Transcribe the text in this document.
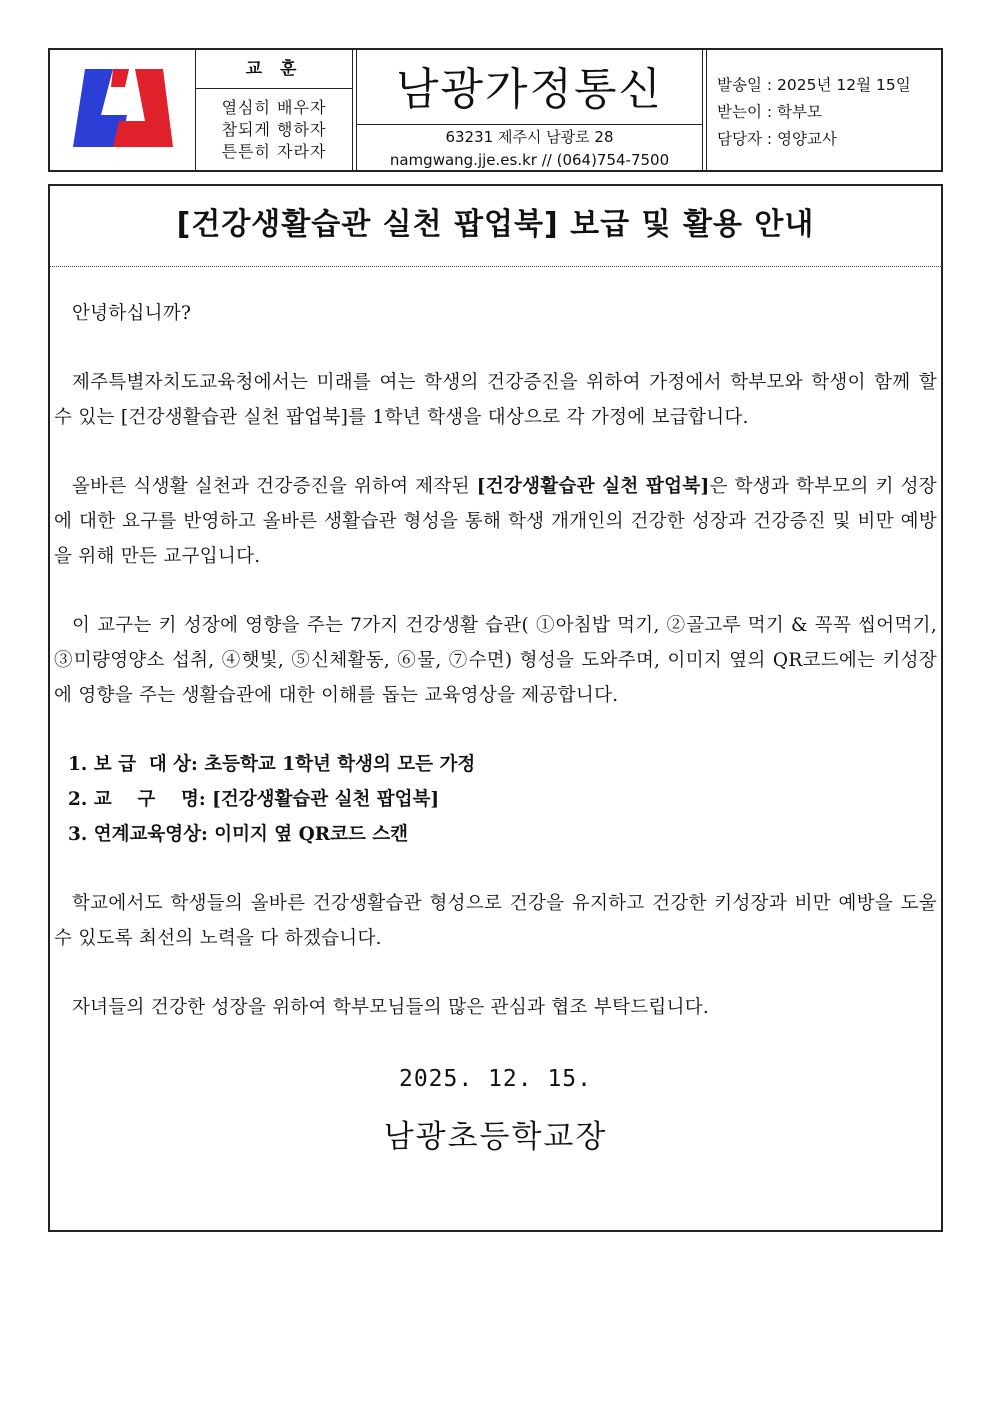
교 훈
열심히 배우자
참되게 행하자
튼튼히 자라자
남광가정통신
63231 제주시 남광로 28
namgwang.jje.es.kr // (064)754-7500
발송일 : 2025년 12월 15일
받는이 : 학부모
담당자 : 영양교사
[건강생활습관 실천 팝업북] 보급 및 활용 안내

안녕하십니까?

제주특별자치도교육청에서는 미래를 여는 학생의 건강증진을 위하여 가정에서 학부모와 학생이 함께 할 수 있는 [건강생활습관 실천 팝업북]를 1학년 학생을 대상으로 각 가정에 보급합니다.

올바른 식생활 실천과 건강증진을 위하여 제작된 [건강생활습관 실천 팝업북]은 학생과 학부모의 키 성장에 대한 요구를 반영하고 올바른 생활습관 형성을 통해 학생 개개인의 건강한 성장과 건강증진 및 비만 예방을 위해 만든 교구입니다.

이 교구는 키 성장에 영향을 주는 7가지 건강생활 습관( ①아침밥 먹기, ②골고루 먹기 & 꼭꼭 씹어먹기, ③미량영양소 섭취, ④햇빛, ⑤신체활동, ⑥물, ⑦수면) 형성을 도와주며, 이미지 옆의 QR코드에는 키성장에 영향을 주는 생활습관에 대한 이해를 돕는 교육영상을 제공합니다.

1. 보 급  대 상: 초등학교 1학년 학생의 모든 가정
2. 교    구    명: [건강생활습관 실천 팝업북]
3. 연계교육영상: 이미지 옆 QR코드 스캔

학교에서도 학생들의 올바른 건강생활습관 형성으로 건강을 유지하고 건강한 키성장과 비만 예방을 도울 수 있도록 최선의 노력을 다 하겠습니다.

자녀들의 건강한 성장을 위하여 학부모님들의 많은 관심과 협조 부탁드립니다.

2025. 12. 15.
남광초등학교장
